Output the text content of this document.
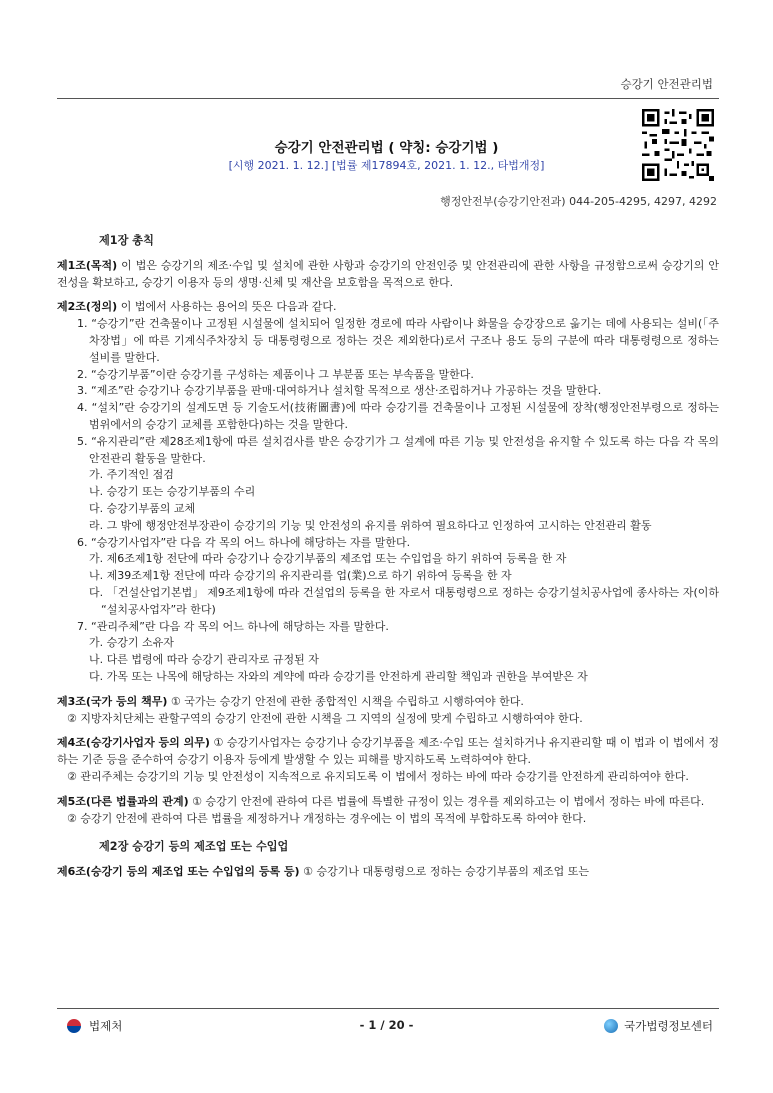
승강기 안전관리법
승강기 안전관리법 ( 약칭: 승강기법 )
[시행 2021. 1. 12.] [법률 제17894호, 2021. 1. 12., 타법개정]
행정안전부(승강기안전과) 044-205-4295, 4297, 4292
제1장 총칙
제1조(목적) 이 법은 승강기의 제조·수입 및 설치에 관한 사항과 승강기의 안전인증 및 안전관리에 관한 사항을 규정함으로써 승강기의 안전성을 확보하고, 승강기 이용자 등의 생명·신체 및 재산을 보호함을 목적으로 한다.
제2조(정의) 이 법에서 사용하는 용어의 뜻은 다음과 같다.
1. “승강기”란 건축물이나 고정된 시설물에 설치되어 일정한 경로에 따라 사람이나 화물을 승강장으로 옮기는 데에 사용되는 설비(「주차장법」에 따른 기계식주차장치 등 대통령령으로 정하는 것은 제외한다)로서 구조나 용도 등의 구분에 따라 대통령령으로 정하는 설비를 말한다.
2. “승강기부품”이란 승강기를 구성하는 제품이나 그 부분품 또는 부속품을 말한다.
3. “제조”란 승강기나 승강기부품을 판매·대여하거나 설치할 목적으로 생산·조립하거나 가공하는 것을 말한다.
4. “설치”란 승강기의 설계도면 등 기술도서(技術圖書)에 따라 승강기를 건축물이나 고정된 시설물에 장착(행정안전부령으로 정하는 범위에서의 승강기 교체를 포함한다)하는 것을 말한다.
5. “유지관리”란 제28조제1항에 따른 설치검사를 받은 승강기가 그 설계에 따른 기능 및 안전성을 유지할 수 있도록 하는 다음 각 목의 안전관리 활동을 말한다.
가. 주기적인 점검
나. 승강기 또는 승강기부품의 수리
다. 승강기부품의 교체
라. 그 밖에 행정안전부장관이 승강기의 기능 및 안전성의 유지를 위하여 필요하다고 인정하여 고시하는 안전관리 활동
6. “승강기사업자”란 다음 각 목의 어느 하나에 해당하는 자를 말한다.
가. 제6조제1항 전단에 따라 승강기나 승강기부품의 제조업 또는 수입업을 하기 위하여 등록을 한 자
나. 제39조제1항 전단에 따라 승강기의 유지관리를 업(業)으로 하기 위하여 등록을 한 자
다. 「건설산업기본법」 제9조제1항에 따라 건설업의 등록을 한 자로서 대통령령으로 정하는 승강기설치공사업에 종사하는 자(이하 “설치공사업자”라 한다)
7. “관리주체”란 다음 각 목의 어느 하나에 해당하는 자를 말한다.
가. 승강기 소유자
나. 다른 법령에 따라 승강기 관리자로 규정된 자
다. 가목 또는 나목에 해당하는 자와의 계약에 따라 승강기를 안전하게 관리할 책임과 권한을 부여받은 자
제3조(국가 등의 책무) ① 국가는 승강기 안전에 관한 종합적인 시책을 수립하고 시행하여야 한다.
② 지방자치단체는 관할구역의 승강기 안전에 관한 시책을 그 지역의 실정에 맞게 수립하고 시행하여야 한다.
제4조(승강기사업자 등의 의무) ① 승강기사업자는 승강기나 승강기부품을 제조·수입 또는 설치하거나 유지관리할 때 이 법과 이 법에서 정하는 기준 등을 준수하여 승강기 이용자 등에게 발생할 수 있는 피해를 방지하도록 노력하여야 한다.
② 관리주체는 승강기의 기능 및 안전성이 지속적으로 유지되도록 이 법에서 정하는 바에 따라 승강기를 안전하게 관리하여야 한다.
제5조(다른 법률과의 관계) ① 승강기 안전에 관하여 다른 법률에 특별한 규정이 있는 경우를 제외하고는 이 법에서 정하는 바에 따른다.
② 승강기 안전에 관하여 다른 법률을 제정하거나 개정하는 경우에는 이 법의 목적에 부합하도록 하여야 한다.
제2장 승강기 등의 제조업 또는 수입업
제6조(승강기 등의 제조업 또는 수입업의 등록 등) ① 승강기나 대통령령으로 정하는 승강기부품의 제조업 또는
법제처	- 1 / 20 -	국가법령정보센터
